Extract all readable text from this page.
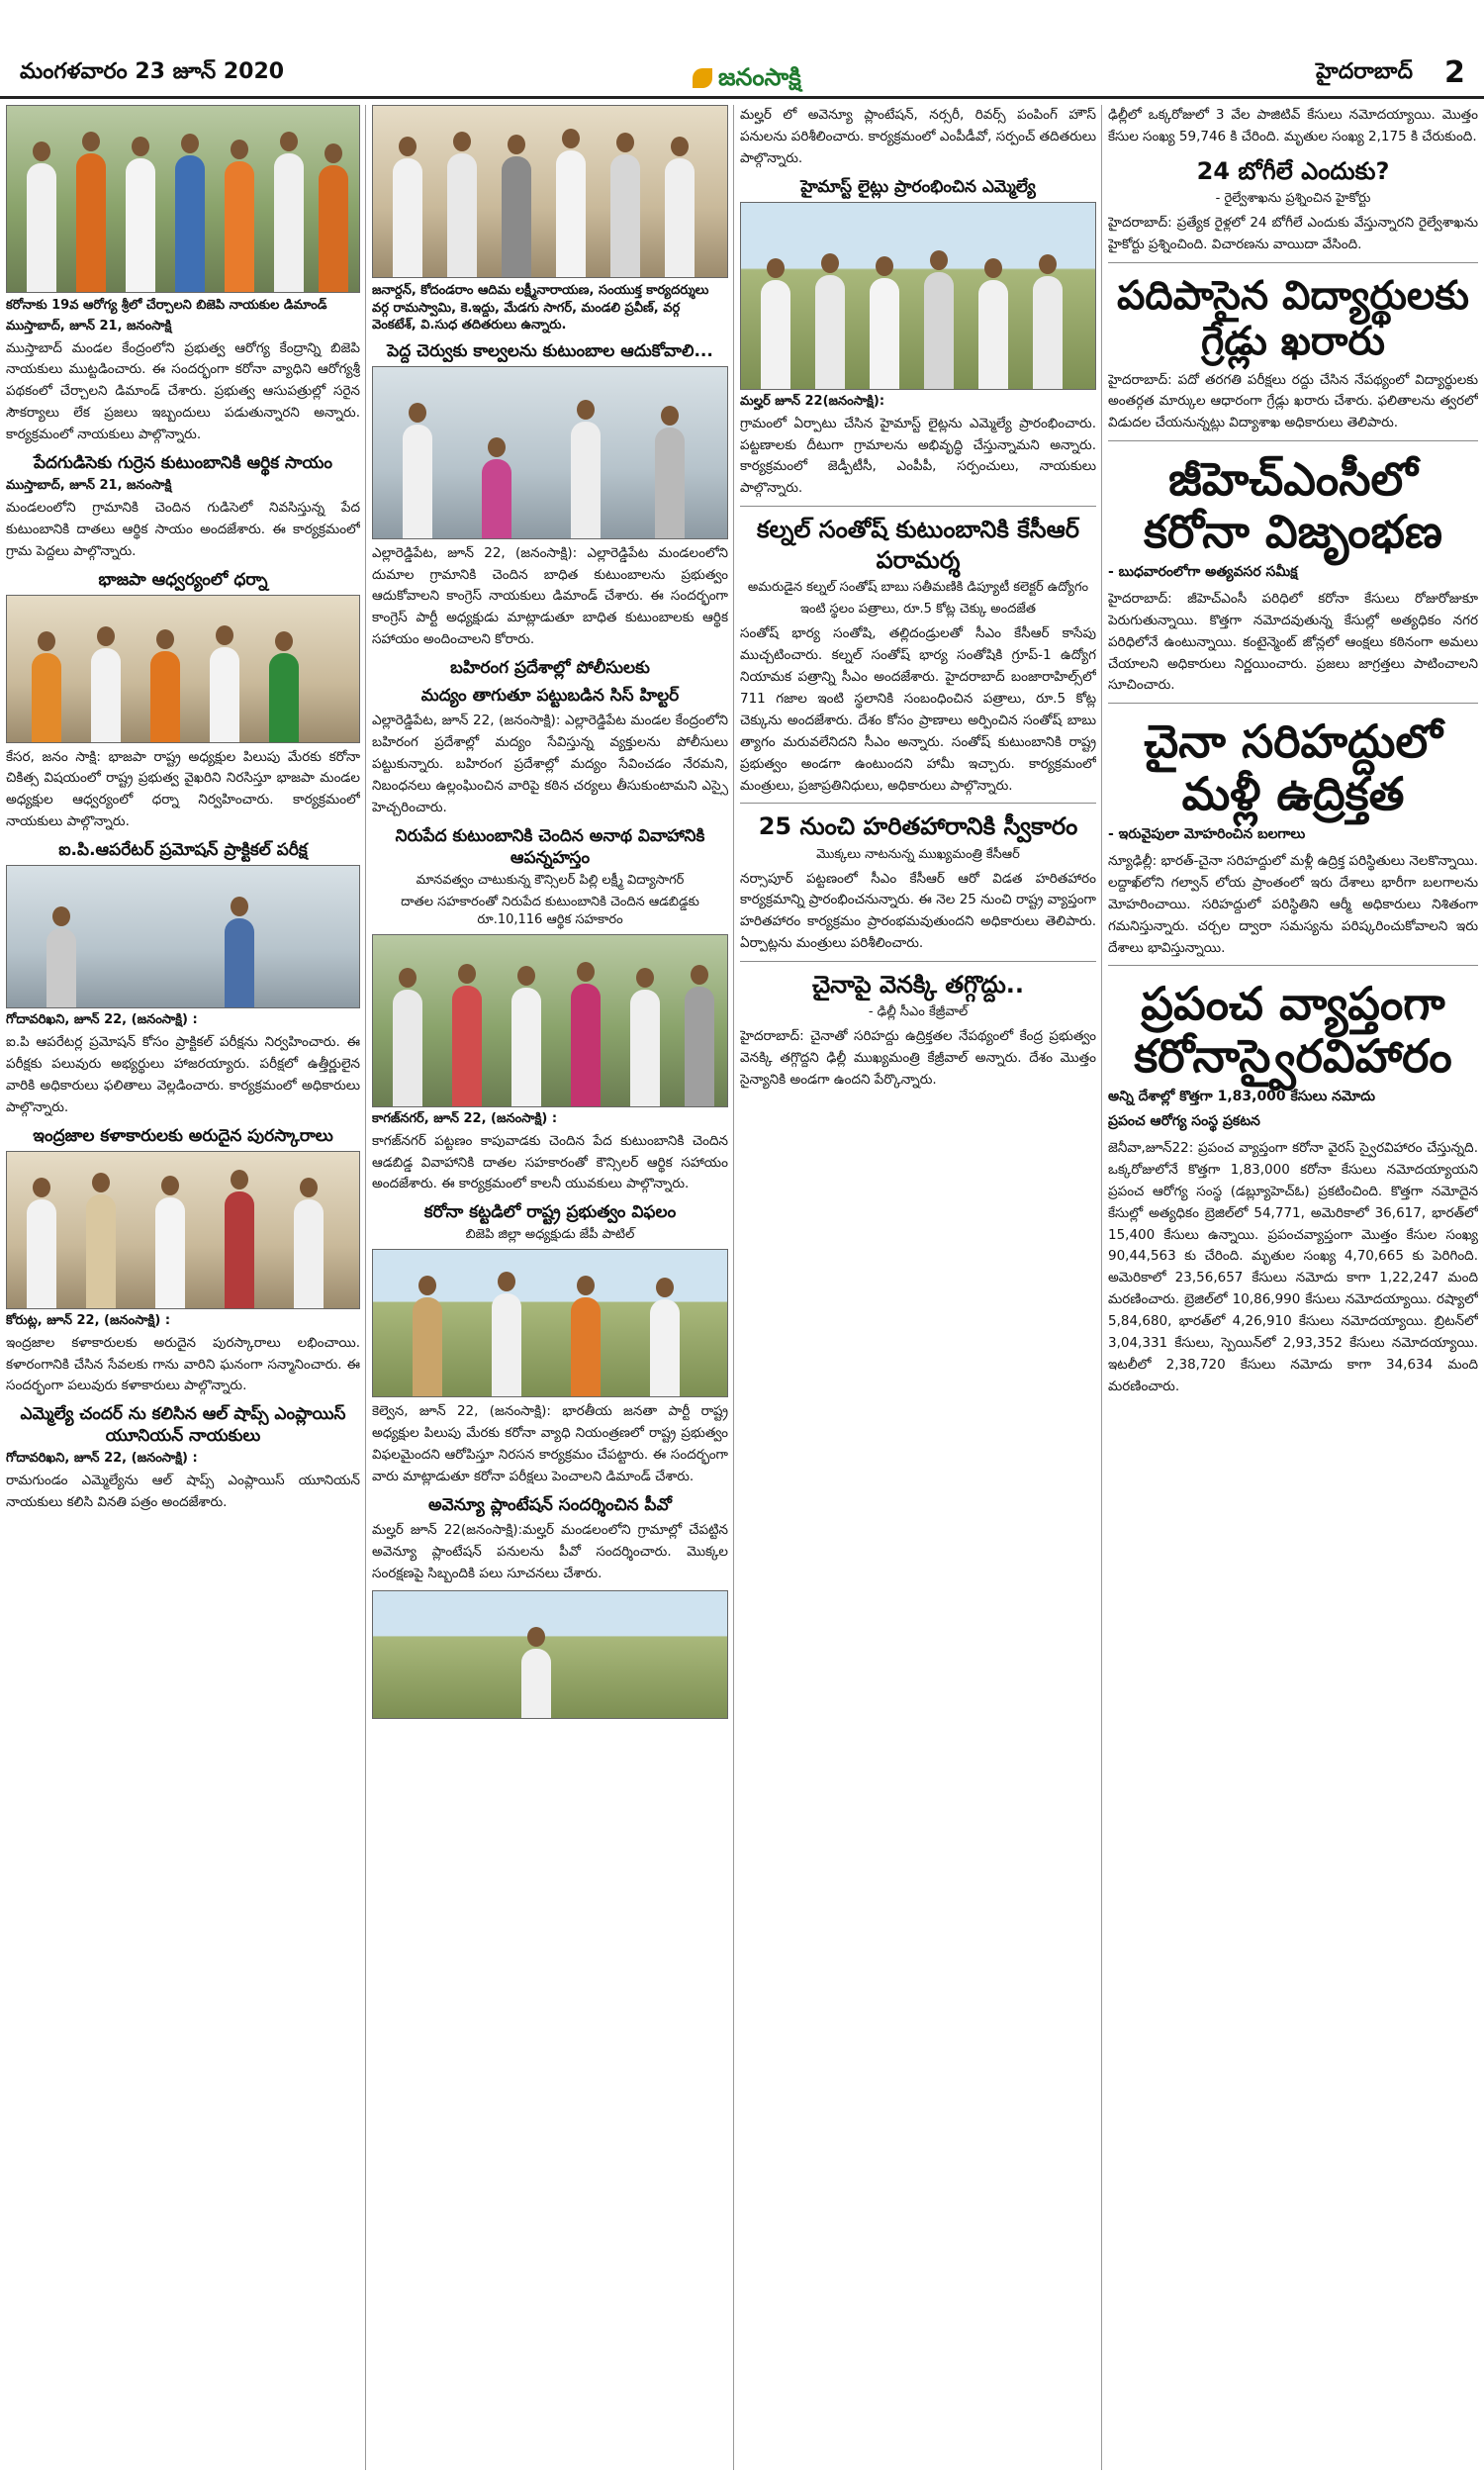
మంగళవారం 23 జూన్ 2020	జనంసాక్షి	హైదరాబాద్ 2
కరోనాకు 19వ ఆరోగ్య శ్రీలో చేర్చాలని బిజెపి నాయకుల డిమాండ్
ముస్తాబాద్, జూన్ 21, జనంసాక్షి

ముస్తాబాద్ మండల కేంద్రంలోని ప్రభుత్వ ఆరోగ్య కేంద్రాన్ని బిజెపి నాయకులు ముట్టడించారు. ఈ సందర్భంగా కరోనా వ్యాధిని ఆరోగ్యశ్రీ పథకంలో చేర్చాలని డిమాండ్ చేశారు. ప్రభుత్వ ఆసుపత్రుల్లో సరైన సౌకర్యాలు లేక ప్రజలు ఇబ్బందులు పడుతున్నారని అన్నారు. కార్యక్రమంలో నాయకులు పాల్గొన్నారు.

పేదగుడిసెకు గుర్రెన కుటుంబానికి ఆర్థిక సాయం
ముస్తాబాద్, జూన్ 21, జనంసాక్షి

మండలంలోని గ్రామానికి చెందిన గుడిసెలో నివసిస్తున్న పేద కుటుంబానికి దాతలు ఆర్థిక సాయం అందజేశారు. ఈ కార్యక్రమంలో గ్రామ పెద్దలు పాల్గొన్నారు.

భాజపా ఆధ్వర్యంలో ధర్నా

కేసర, జనం సాక్షి: భాజపా రాష్ట్ర అధ్యక్షుల పిలుపు మేరకు కరోనా చికిత్స విషయంలో రాష్ట్ర ప్రభుత్వ వైఖరిని నిరసిస్తూ భాజపా మండల అధ్యక్షుల ఆధ్వర్యంలో ధర్నా నిర్వహించారు. కార్యక్రమంలో నాయకులు పాల్గొన్నారు.

ఐ.పి.ఆపరేటర్ ప్రమోషన్ ప్రాక్టికల్ పరీక్ష
గోదావరిఖని, జూన్ 22, (జనంసాక్షి) :

ఐ.పి ఆపరేటర్ల ప్రమోషన్ కోసం ప్రాక్టికల్ పరీక్షను నిర్వహించారు. ఈ పరీక్షకు పలువురు అభ్యర్థులు హాజరయ్యారు. పరీక్షలో ఉత్తీర్ణులైన వారికి అధికారులు ఫలితాలు వెల్లడించారు. కార్యక్రమంలో అధికారులు పాల్గొన్నారు.

ఇంద్రజాల కళాకారులకు అరుదైన పురస్కారాలు
కోరుట్ల, జూన్ 22, (జనంసాక్షి) :

ఇంద్రజాల కళాకారులకు అరుదైన పురస్కారాలు లభించాయి. కళారంగానికి చేసిన సేవలకు గాను వారిని ఘనంగా సన్మానించారు. ఈ సందర్భంగా పలువురు కళాకారులు పాల్గొన్నారు.

ఎమ్మెల్యే చందర్ ను కలిసిన ఆల్ షాప్స్ ఎంప్లాయిస్ యూనియన్ నాయకులు
గోదావరిఖని, జూన్ 22, (జనంసాక్షి) :

రామగుండం ఎమ్మెల్యేను ఆల్ షాప్స్ ఎంప్లాయిస్ యూనియన్ నాయకులు కలిసి వినతి పత్రం అందజేశారు.

జనార్దన్, కోదండరాం ఆదిమ లక్ష్మీనారాయణ, సంయుక్త కార్యదర్శులు వర్గ రామస్వామి, కె.ఇద్దు, మేడగు సాగర్, మండలి ప్రవీణ్, వర్గ వెంకటేశ్, వి.సుధ తదితరులు ఉన్నారు.
పెద్ద చెర్వుకు కాల్వలను కుటుంబాల ఆదుకోవాలి...

ఎల్లారెడ్డిపేట, జూన్ 22, (జనంసాక్షి): ఎల్లారెడ్డిపేట మండలంలోని దుమాల గ్రామానికి చెందిన బాధిత కుటుంబాలను ప్రభుత్వం ఆదుకోవాలని కాంగ్రెస్ నాయకులు డిమాండ్ చేశారు. ఈ సందర్భంగా కాంగ్రెస్ పార్టీ అధ్యక్షుడు మాట్లాడుతూ బాధిత కుటుంబాలకు ఆర్థిక సహాయం అందించాలని కోరారు.

బహిరంగ ప్రదేశాల్లో పోలీసులకు
మద్యం తాగుతూ పట్టుబడిన సిస్ హిల్టర్

ఎల్లారెడ్డిపేట, జూన్ 22, (జనంసాక్షి): ఎల్లారెడ్డిపేట మండల కేంద్రంలోని బహిరంగ ప్రదేశాల్లో మద్యం సేవిస్తున్న వ్యక్తులను పోలీసులు పట్టుకున్నారు. బహిరంగ ప్రదేశాల్లో మద్యం సేవించడం నేరమని, నిబంధనలు ఉల్లంఘించిన వారిపై కఠిన చర్యలు తీసుకుంటామని ఎస్సై హెచ్చరించారు.

నిరుపేద కుటుంబానికి చెందిన అనాథ వివాహానికి ఆపన్నహస్తం
మానవత్వం చాటుకున్న కౌన్సిలర్ పిల్లి లక్ష్మీ విద్యాసాగర్
దాతల సహకారంతో నిరుపేద కుటుంబానికి చెందిన ఆడబిడ్డకు రూ.10,116 ఆర్థిక సహకారం
కాగజ్‌నగర్, జూన్ 22, (జనంసాక్షి) :

కాగజ్‌నగర్ పట్టణం కాపువాడకు చెందిన పేద కుటుంబానికి చెందిన ఆడబిడ్డ వివాహానికి దాతల సహకారంతో కౌన్సిలర్ ఆర్థిక సహాయం అందజేశారు. ఈ కార్యక్రమంలో కాలనీ యువకులు పాల్గొన్నారు.

కరోనా కట్టడిలో రాష్ట్ర ప్రభుత్వం విఫలం
బిజెపి జిల్లా అధ్యక్షుడు జేపీ పాటిల్

కెల్వెన, జూన్ 22, (జనంసాక్షి): భారతీయ జనతా పార్టీ రాష్ట్ర అధ్యక్షుల పిలుపు మేరకు కరోనా వ్యాధి నియంత్రణలో రాష్ట్ర ప్రభుత్వం విఫలమైందని ఆరోపిస్తూ నిరసన కార్యక్రమం చేపట్టారు. ఈ సందర్భంగా వారు మాట్లాడుతూ కరోనా పరీక్షలు పెంచాలని డిమాండ్ చేశారు.

అవెన్యూ ప్లాంటేషన్ సందర్శించిన పీవో

మల్హర్ జూన్ 22(జనంసాక్షి):మల్హర్ మండలంలోని గ్రామాల్లో చేపట్టిన అవెన్యూ ప్లాంటేషన్ పనులను పీవో సందర్శించారు. మొక్కల సంరక్షణపై సిబ్బందికి పలు సూచనలు చేశారు.

మల్హర్ లో అవెన్యూ ప్లాంటేషన్, నర్సరీ, రివర్స్ పంపింగ్ హౌస్ పనులను పరిశీలించారు. కార్యక్రమంలో ఎంపీడీవో, సర్పంచ్ తదితరులు పాల్గొన్నారు.

హైమాస్ట్ లైట్లు ప్రారంభించిన ఎమ్మెల్యే
మల్హర్ జూన్ 22(జనంసాక్షి):

గ్రామంలో ఏర్పాటు చేసిన హైమాస్ట్ లైట్లను ఎమ్మెల్యే ప్రారంభించారు. పట్టణాలకు దీటుగా గ్రామాలను అభివృద్ధి చేస్తున్నామని అన్నారు. కార్యక్రమంలో జెడ్పీటీసీ, ఎంపీపీ, సర్పంచులు, నాయకులు పాల్గొన్నారు.

కల్నల్ సంతోష్ కుటుంబానికి కేసీఆర్ పరామర్శ
అమరుడైన కల్నల్ సంతోష్ బాబు సతీమణికి డిప్యూటీ కలెక్టర్ ఉద్యోగం
ఇంటి స్థలం పత్రాలు, రూ.5 కోట్ల చెక్కు అందజేత

సంతోష్ భార్య సంతోషి, తల్లిదండ్రులతో సీఎం కేసీఆర్ కాసేపు ముచ్చటించారు. కల్నల్ సంతోష్ భార్య సంతోషికి గ్రూప్-1 ఉద్యోగ నియామక పత్రాన్ని సీఎం అందజేశారు. హైదరాబాద్ బంజారాహిల్స్‌లో 711 గజాల ఇంటి స్థలానికి సంబంధించిన పత్రాలు, రూ.5 కోట్ల చెక్కును అందజేశారు. దేశం కోసం ప్రాణాలు అర్పించిన సంతోష్ బాబు త్యాగం మరువలేనిదని సీఎం అన్నారు. సంతోష్ కుటుంబానికి రాష్ట్ర ప్రభుత్వం అండగా ఉంటుందని హామీ ఇచ్చారు. కార్యక్రమంలో మంత్రులు, ప్రజాప్రతినిధులు, అధికారులు పాల్గొన్నారు.

25 నుంచి హరితహారానికి స్వీకారం
మొక్కలు నాటనున్న ముఖ్యమంత్రి కేసీఆర్

నర్సాపూర్ పట్టణంలో సీఎం కేసీఆర్ ఆరో విడత హరితహారం కార్యక్రమాన్ని ప్రారంభించనున్నారు. ఈ నెల 25 నుంచి రాష్ట్ర వ్యాప్తంగా హరితహారం కార్యక్రమం ప్రారంభమవుతుందని అధికారులు తెలిపారు. ఏర్పాట్లను మంత్రులు పరిశీలించారు.

చైనాపై వెనక్కి తగ్గొద్దు..
- ఢిల్లీ సీఎం కేజ్రీవాల్

హైదరాబాద్: చైనాతో సరిహద్దు ఉద్రిక్తతల నేపథ్యంలో కేంద్ర ప్రభుత్వం వెనక్కి తగ్గొద్దని ఢిల్లీ ముఖ్యమంత్రి కేజ్రీవాల్ అన్నారు. దేశం మొత్తం సైన్యానికి అండగా ఉందని పేర్కొన్నారు.

ఢిల్లీలో ఒక్కరోజులో 3 వేల పాజిటివ్ కేసులు నమోదయ్యాయి. మొత్తం కేసుల సంఖ్య 59,746 కి చేరింది. మృతుల సంఖ్య 2,175 కి చేరుకుంది.

24 బోగీలే ఎందుకు?
- రైల్వేశాఖను ప్రశ్నించిన హైకోర్టు

హైదరాబాద్: ప్రత్యేక రైళ్లలో 24 బోగీలే ఎందుకు వేస్తున్నారని రైల్వేశాఖను హైకోర్టు ప్రశ్నించింది. విచారణను వాయిదా వేసింది.

పదిపాసైన విద్యార్థులకు గ్రేడ్లు ఖరారు

హైదరాబాద్: పదో తరగతి పరీక్షలు రద్దు చేసిన నేపథ్యంలో విద్యార్థులకు అంతర్గత మార్కుల ఆధారంగా గ్రేడ్లు ఖరారు చేశారు. ఫలితాలను త్వరలో విడుదల చేయనున్నట్లు విద్యాశాఖ అధికారులు తెలిపారు.

జీహెచ్ఎంసీలో కరోనా విజృంభణ
- బుధవారంలోగా అత్యవసర సమీక్ష

హైదరాబాద్: జీహెచ్ఎంసీ పరిధిలో కరోనా కేసులు రోజురోజుకూ పెరుగుతున్నాయి. కొత్తగా నమోదవుతున్న కేసుల్లో అత్యధికం నగర పరిధిలోనే ఉంటున్నాయి. కంటైన్మెంట్ జోన్లలో ఆంక్షలు కఠినంగా అమలు చేయాలని అధికారులు నిర్ణయించారు. ప్రజలు జాగ్రత్తలు పాటించాలని సూచించారు.

చైనా సరిహద్దులో మళ్లీ ఉద్రిక్తత
- ఇరువైపులా మోహరించిన బలగాలు

న్యూఢిల్లీ: భారత్-చైనా సరిహద్దులో మళ్లీ ఉద్రిక్త పరిస్థితులు నెలకొన్నాయి. లద్దాఖ్‌లోని గల్వాన్ లోయ ప్రాంతంలో ఇరు దేశాలు భారీగా బలగాలను మోహరించాయి. సరిహద్దులో పరిస్థితిని ఆర్మీ అధికారులు నిశితంగా గమనిస్తున్నారు. చర్చల ద్వారా సమస్యను పరిష్కరించుకోవాలని ఇరు దేశాలు భావిస్తున్నాయి.

ప్రపంచ వ్యాప్తంగా కరోనాస్వైరవిహారం
అన్ని దేశాల్లో కొత్తగా 1,83,000 కేసులు నమోదు
ప్రపంచ ఆరోగ్య సంస్థ ప్రకటన

జెనీవా,జూన్22: ప్రపంచ వ్యాప్తంగా కరోనా వైరస్ స్వైరవిహారం చేస్తున్నది. ఒక్కరోజులోనే కొత్తగా 1,83,000 కరోనా కేసులు నమోదయ్యాయని ప్రపంచ ఆరోగ్య సంస్థ (డబ్ల్యూహెచ్‌ఓ) ప్రకటించింది. కొత్తగా నమోదైన కేసుల్లో అత్యధికం బ్రెజిల్‌లో 54,771, అమెరికాలో 36,617, భారత్‌లో 15,400 కేసులు ఉన్నాయి. ప్రపంచవ్యాప్తంగా మొత్తం కేసుల సంఖ్య 90,44,563 కు చేరింది. మృతుల సంఖ్య 4,70,665 కు పెరిగింది. అమెరికాలో 23,56,657 కేసులు నమోదు కాగా 1,22,247 మంది మరణించారు. బ్రెజిల్‌లో 10,86,990 కేసులు నమోదయ్యాయి. రష్యాలో 5,84,680, భారత్‌లో 4,26,910 కేసులు నమోదయ్యాయి. బ్రిటన్‌లో 3,04,331 కేసులు, స్పెయిన్‌లో 2,93,352 కేసులు నమోదయ్యాయి. ఇటలీలో 2,38,720 కేసులు నమోదు కాగా 34,634 మంది మరణించారు.
